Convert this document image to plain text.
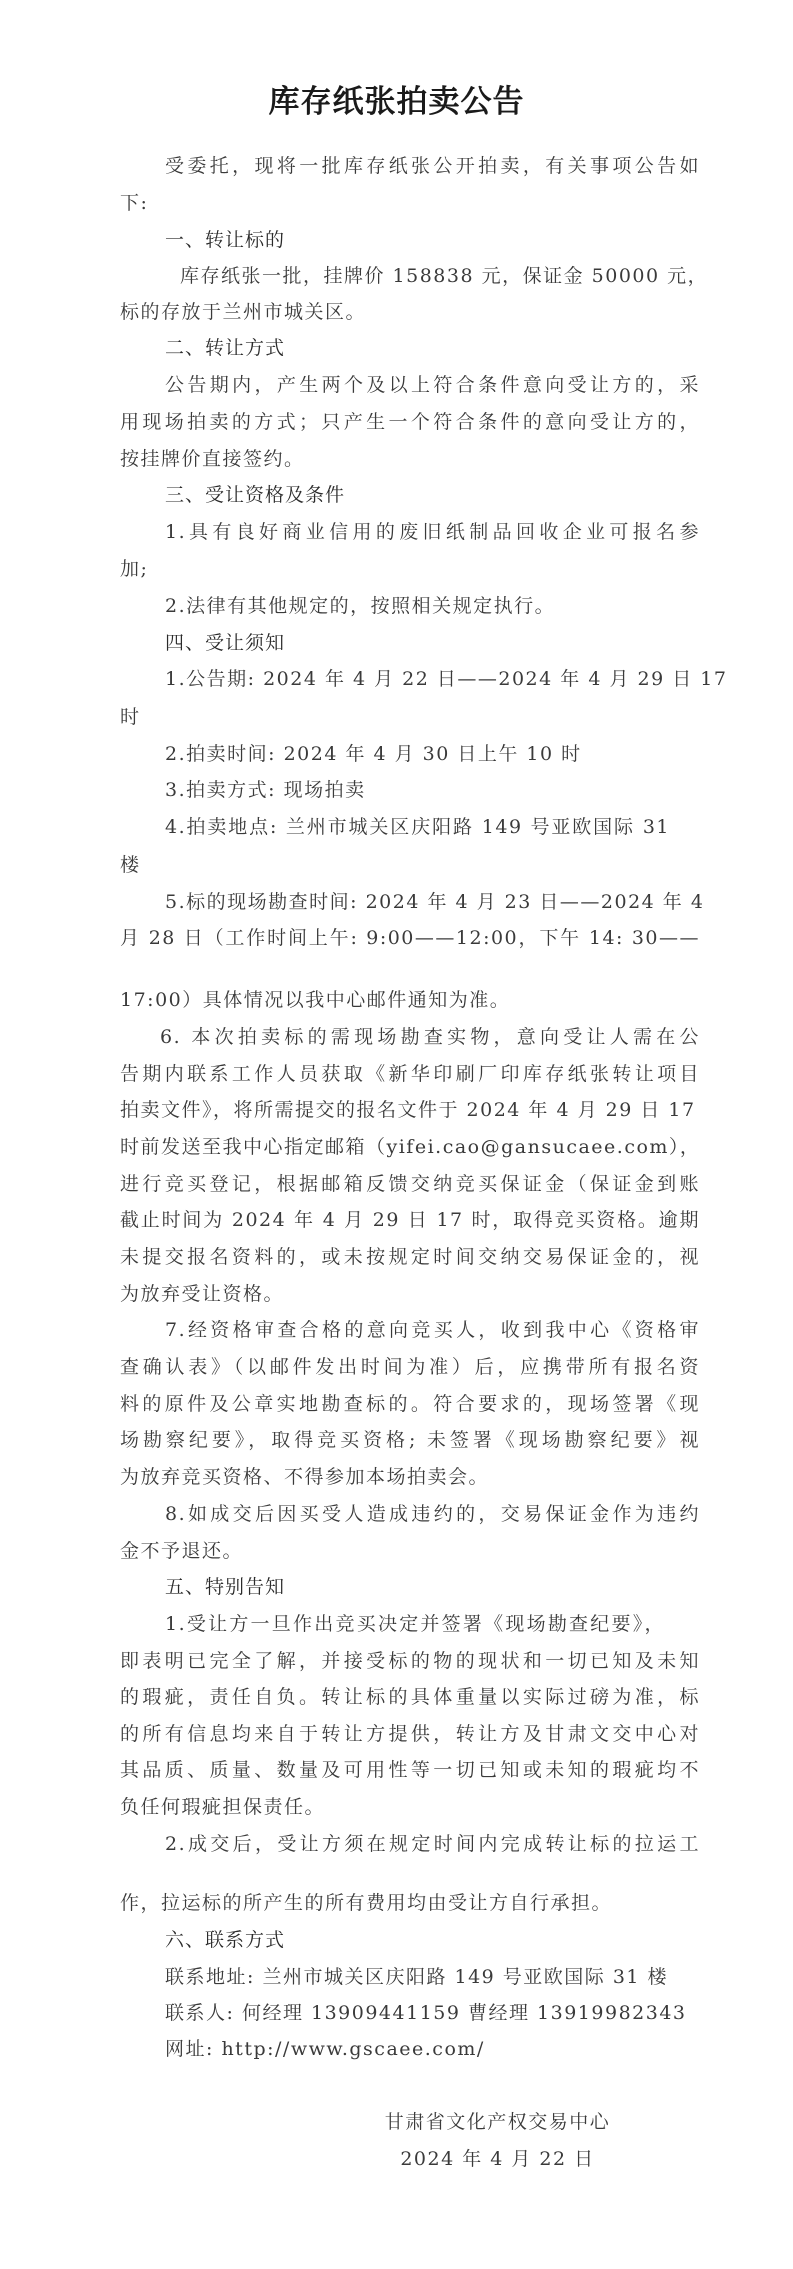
库存纸张拍卖公告
受委托，现将一批库存纸张公开拍卖，有关事项公告如
下:
一、转让标的
库存纸张一批，挂牌价 158838 元，保证金 50000 元，
标的存放于兰州市城关区。
二、转让方式
公告期内，产生两个及以上符合条件意向受让方的，采
用现场拍卖的方式；只产生一个符合条件的意向受让方的，
按挂牌价直接签约。
三、受让资格及条件
1.具有良好商业信用的废旧纸制品回收企业可报名参
加;
2.法律有其他规定的，按照相关规定执行。
四、受让须知
1.公告期: 2024 年 4 月 22 日——2024 年 4 月 29 日 17
时
2.拍卖时间: 2024 年 4 月 30 日上午 10 时
3.拍卖方式: 现场拍卖
4.拍卖地点: 兰州市城关区庆阳路 149 号亚欧国际 31
楼
5.标的现场勘查时间: 2024 年 4 月 23 日——2024 年 4
月 28 日（工作时间上午: 9:00——12:00，下午 14: 30——
17:00）具体情况以我中心邮件通知为准。
6. 本次拍卖标的需现场勘查实物，意向受让人需在公
告期内联系工作人员获取《新华印刷厂印库存纸张转让项目
拍卖文件》，将所需提交的报名文件于 2024 年 4 月 29 日 17
时前发送至我中心指定邮箱（yifei.cao@gansucaee.com），
进行竞买登记，根据邮箱反馈交纳竞买保证金（保证金到账
截止时间为 2024 年 4 月 29 日 17 时，取得竞买资格。逾期
未提交报名资料的，或未按规定时间交纳交易保证金的，视
为放弃受让资格。
7.经资格审查合格的意向竞买人，收到我中心《资格审
查确认表》（以邮件发出时间为准）后，应携带所有报名资
料的原件及公章实地勘查标的。符合要求的，现场签署《现
场勘察纪要》，取得竞买资格; 未签署《现场勘察纪要》视
为放弃竞买资格、不得参加本场拍卖会。
8.如成交后因买受人造成违约的，交易保证金作为违约
金不予退还。
五、特别告知
1.受让方一旦作出竞买决定并签署《现场勘查纪要》，
即表明已完全了解，并接受标的物的现状和一切已知及未知
的瑕疵，责任自负。转让标的具体重量以实际过磅为准，标
的所有信息均来自于转让方提供，转让方及甘肃文交中心对
其品质、质量、数量及可用性等一切已知或未知的瑕疵均不
负任何瑕疵担保责任。
2.成交后，受让方须在规定时间内完成转让标的拉运工
作，拉运标的所产生的所有费用均由受让方自行承担。
六、联系方式
联系地址: 兰州市城关区庆阳路 149 号亚欧国际 31 楼
联系人: 何经理 13909441159 曹经理 13919982343
网址: http://www.gscaee.com/
甘肃省文化产权交易中心
2024 年 4 月 22 日
